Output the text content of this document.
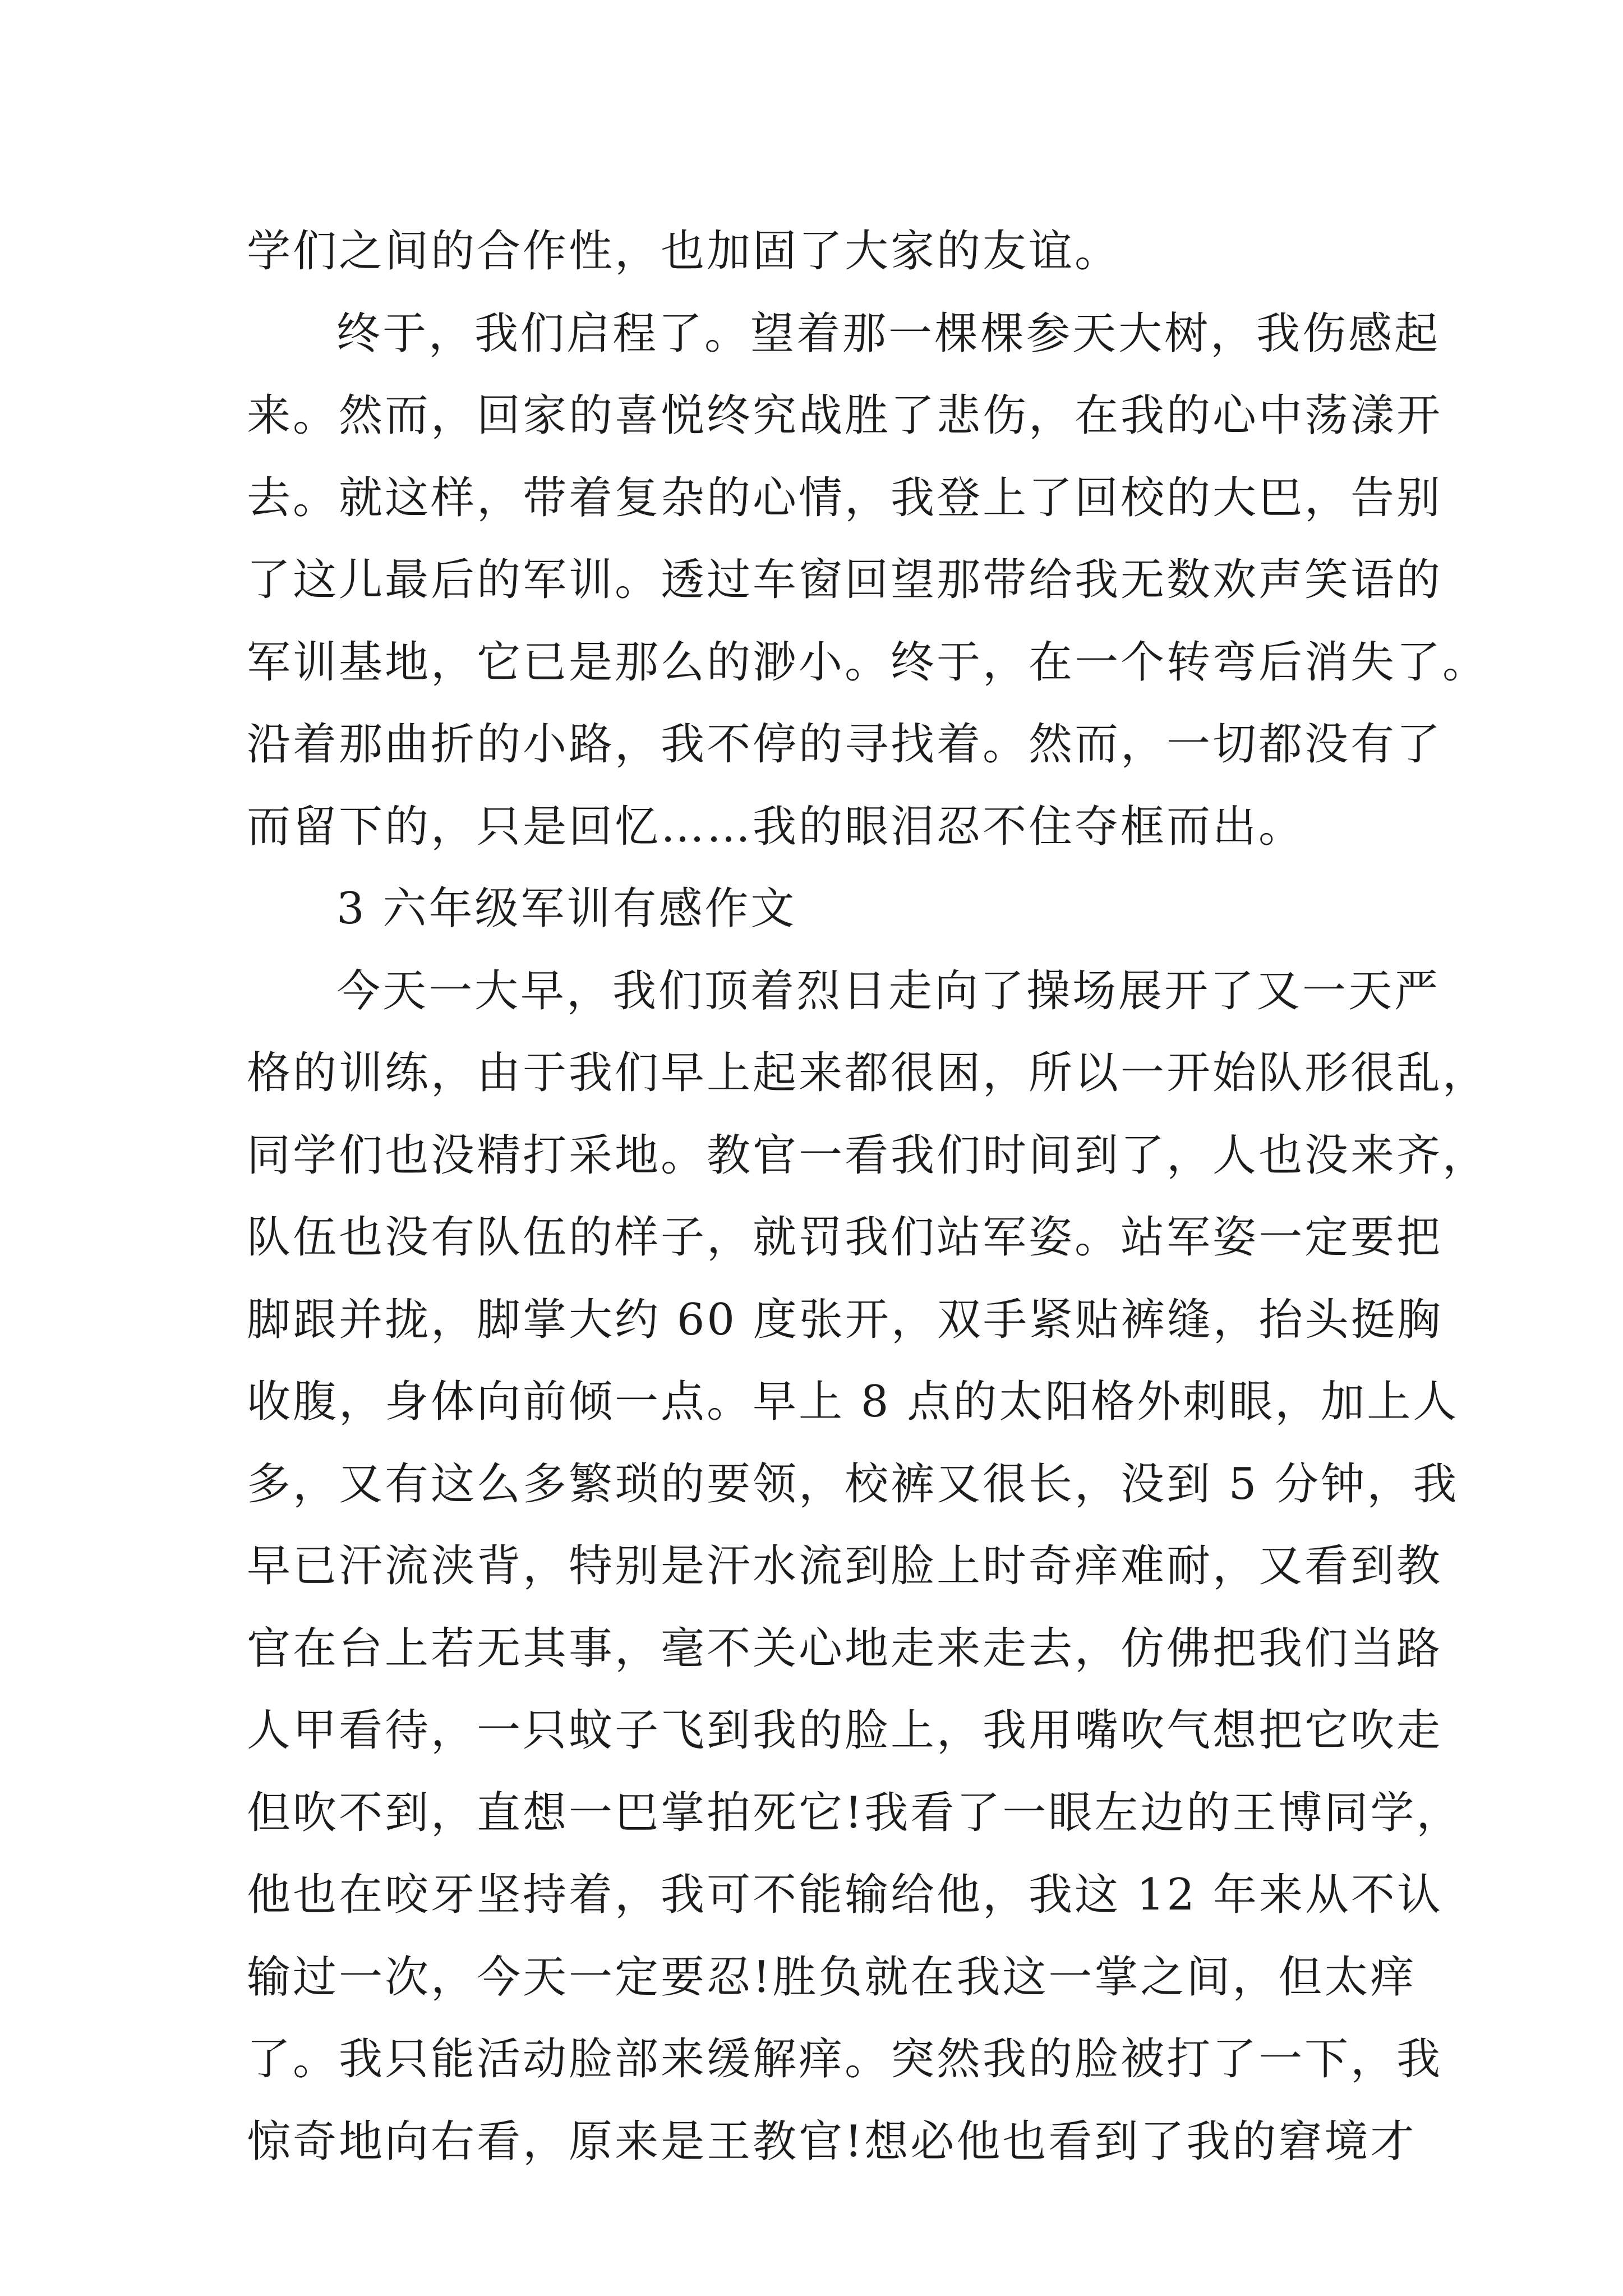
学们之间的合作性，也加固了大家的友谊。
终于，我们启程了。望着那一棵棵参天大树，我伤感起
来。然而，回家的喜悦终究战胜了悲伤，在我的心中荡漾开
去。就这样，带着复杂的心情，我登上了回校的大巴，告别
了这儿最后的军训。透过车窗回望那带给我无数欢声笑语的
军训基地，它已是那么的渺小。终于，在一个转弯后消失了。
沿着那曲折的小路，我不停的寻找着。然而，一切都没有了
而留下的，只是回忆……我的眼泪忍不住夺框而出。
3 六年级军训有感作文
今天一大早，我们顶着烈日走向了操场展开了又一天严
格的训练，由于我们早上起来都很困，所以一开始队形很乱，
同学们也没精打采地。教官一看我们时间到了，人也没来齐，
队伍也没有队伍的样子，就罚我们站军姿。站军姿一定要把
脚跟并拢，脚掌大约 60 度张开，双手紧贴裤缝，抬头挺胸
收腹，身体向前倾一点。早上 8 点的太阳格外刺眼，加上人
多，又有这么多繁琐的要领，校裤又很长，没到 5 分钟，我
早已汗流浃背，特别是汗水流到脸上时奇痒难耐，又看到教
官在台上若无其事，毫不关心地走来走去，仿佛把我们当路
人甲看待，一只蚊子飞到我的脸上，我用嘴吹气想把它吹走
但吹不到，直想一巴掌拍死它!我看了一眼左边的王博同学，
他也在咬牙坚持着，我可不能输给他，我这 12 年来从不认
输过一次，今天一定要忍!胜负就在我这一掌之间，但太痒
了。我只能活动脸部来缓解痒。突然我的脸被打了一下，我
惊奇地向右看，原来是王教官!想必他也看到了我的窘境才
